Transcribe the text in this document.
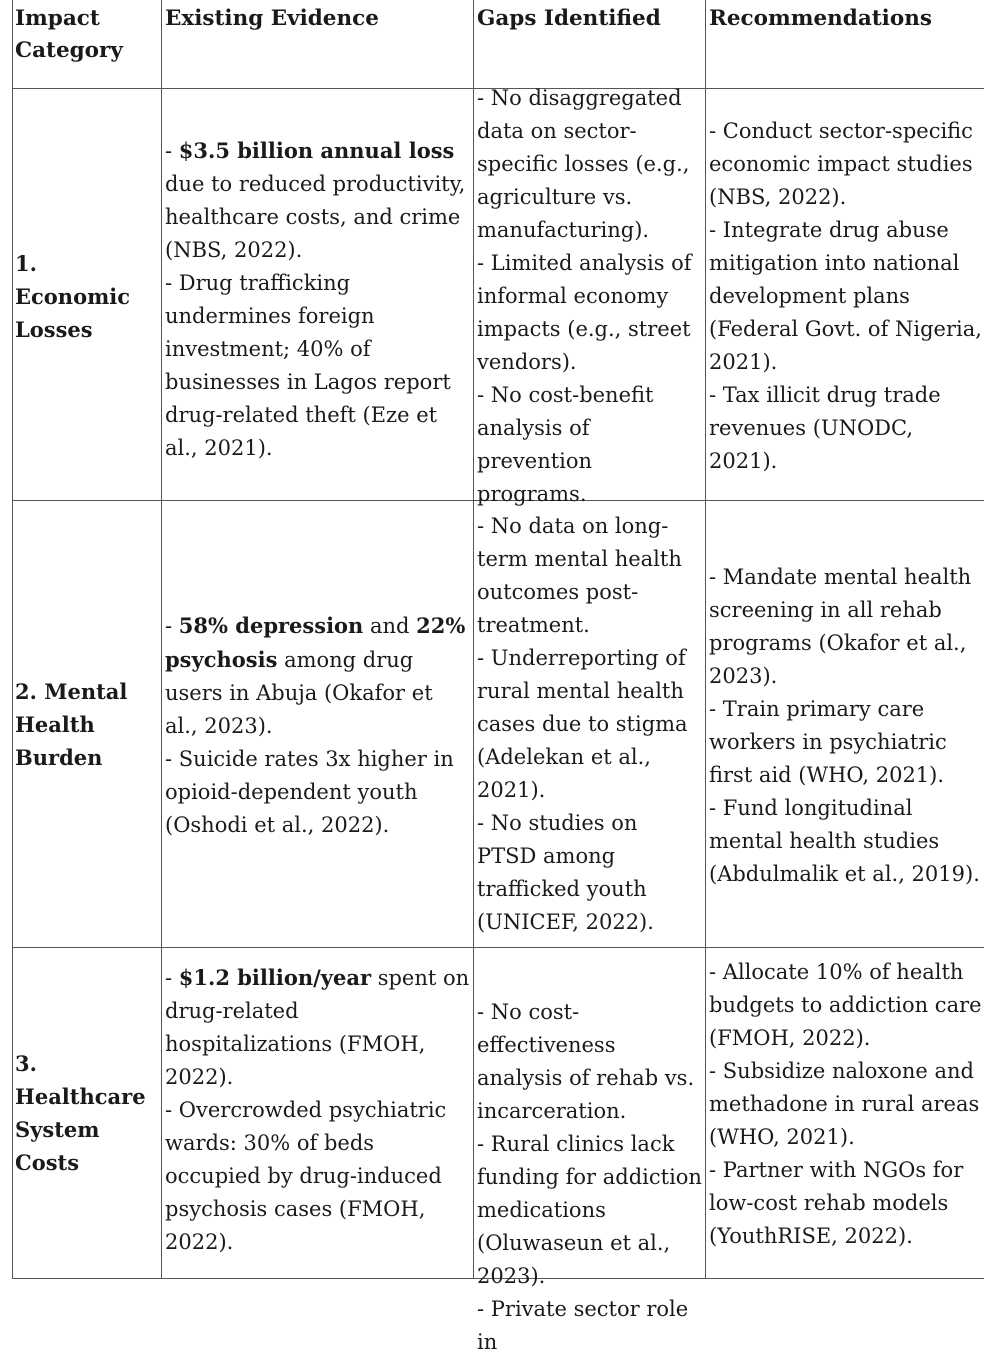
Impact Category
Existing Evidence	Gaps Identified	Recommendations
1. Economic Losses
- $3.5 billion annual loss due to reduced productivity, healthcare costs, and crime (NBS, 2022).
- Drug trafficking undermines foreign investment; 40% of businesses in Lagos report drug-related theft (Eze et al., 2021).
- No disaggregated data on sector-specific losses (e.g., agriculture vs. manufacturing).
- Limited analysis of informal economy impacts (e.g., street vendors).
- No cost-benefit analysis of prevention programs.
- Conduct sector-specific economic impact studies (NBS, 2022).
- Integrate drug abuse mitigation into national development plans (Federal Govt. of Nigeria, 2021).
- Tax illicit drug trade revenues (UNODC, 2021).
2. Mental Health Burden
- 58% depression and 22% psychosis among drug users in Abuja (Okafor et al., 2023).
- Suicide rates 3x higher in opioid-dependent youth (Oshodi et al., 2022).
- No data on long-term mental health outcomes post-treatment.
- Underreporting of rural mental health cases due to stigma (Adelekan et al., 2021).
- No studies on PTSD among trafficked youth (UNICEF, 2022).
- Mandate mental health screening in all rehab programs (Okafor et al., 2023).
- Train primary care workers in psychiatric first aid (WHO, 2021).
- Fund longitudinal mental health studies (Abdulmalik et al., 2019).
3. Healthcare System Costs
- $1.2 billion/year spent on drug-related hospitalizations (FMOH, 2022).
- Overcrowded psychiatric wards: 30% of beds occupied by drug-induced psychosis cases (FMOH, 2022).
- No cost-effectiveness analysis of rehab vs. incarceration.
- Rural clinics lack funding for addiction medications (Oluwaseun et al., 2023).
- Private sector role in
- Allocate 10% of health budgets to addiction care (FMOH, 2022).
- Subsidize naloxone and methadone in rural areas (WHO, 2021).
- Partner with NGOs for low-cost rehab models (YouthRISE, 2022).
